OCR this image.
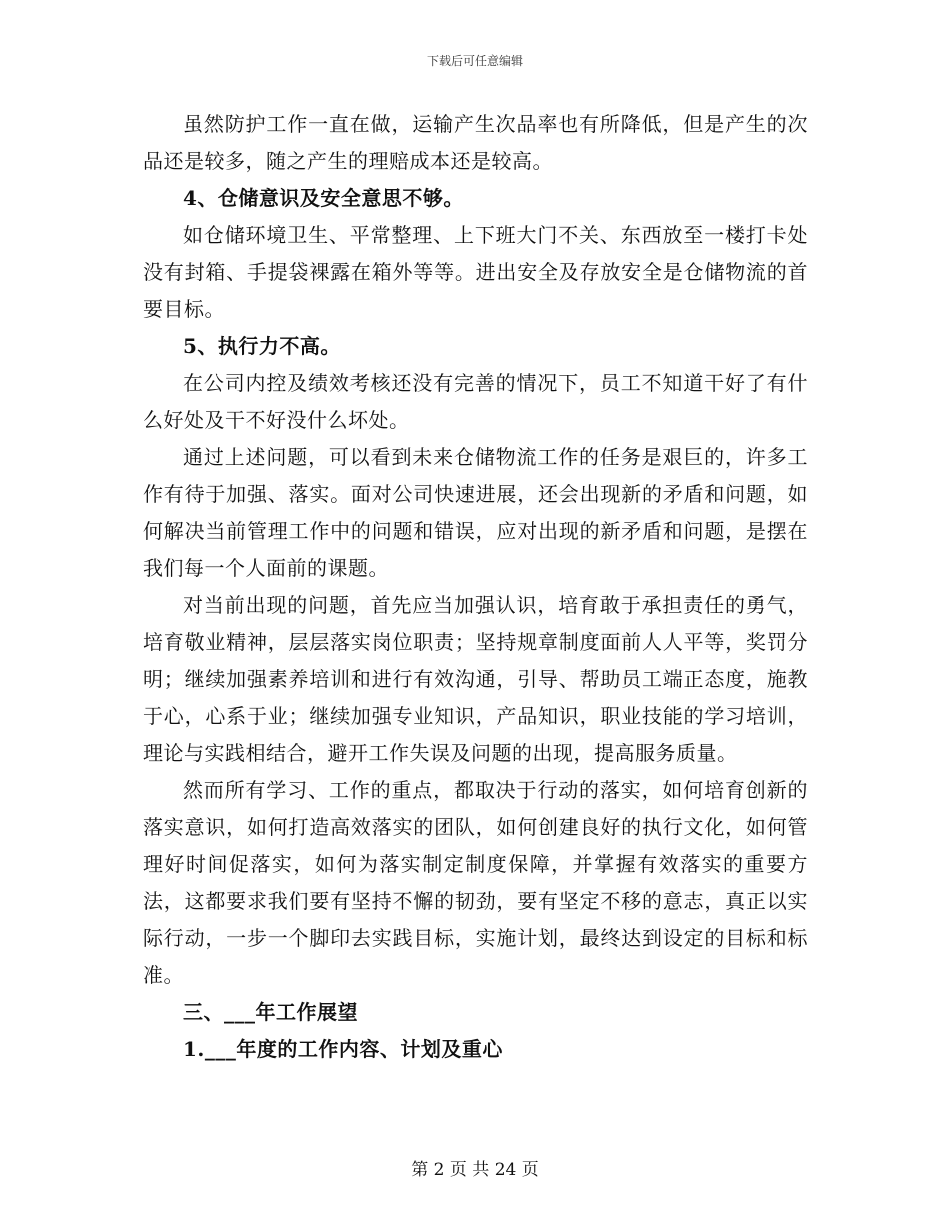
下载后可任意编辑

虽然防护工作一直在做，运输产生次品率也有所降低，但是产生的次品还是较多，随之产生的理赔成本还是较高。

4、仓储意识及安全意思不够。

如仓储环境卫生、平常整理、上下班大门不关、东西放至一楼打卡处没有封箱、手提袋裸露在箱外等等。进出安全及存放安全是仓储物流的首要目标。

5、执行力不高。

在公司内控及绩效考核还没有完善的情况下，员工不知道干好了有什么好处及干不好没什么坏处。

通过上述问题，可以看到未来仓储物流工作的任务是艰巨的，许多工作有待于加强、落实。面对公司快速进展，还会出现新的矛盾和问题，如何解决当前管理工作中的问题和错误，应对出现的新矛盾和问题，是摆在我们每一个人面前的课题。

对当前出现的问题，首先应当加强认识，培育敢于承担责任的勇气，培育敬业精神，层层落实岗位职责；坚持规章制度面前人人平等，奖罚分明；继续加强素养培训和进行有效沟通，引导、帮助员工端正态度，施教于心，心系于业；继续加强专业知识，产品知识，职业技能的学习培训，理论与实践相结合，避开工作失误及问题的出现，提高服务质量。

然而所有学习、工作的重点，都取决于行动的落实，如何培育创新的落实意识，如何打造高效落实的团队，如何创建良好的执行文化，如何管理好时间促落实，如何为落实制定制度保障，并掌握有效落实的重要方法，这都要求我们要有坚持不懈的韧劲，要有坚定不移的意志，真正以实际行动，一步一个脚印去实践目标，实施计划，最终达到设定的目标和标准。

三、___年工作展望

1.___年度的工作内容、计划及重心

第 2 页 共 24 页
